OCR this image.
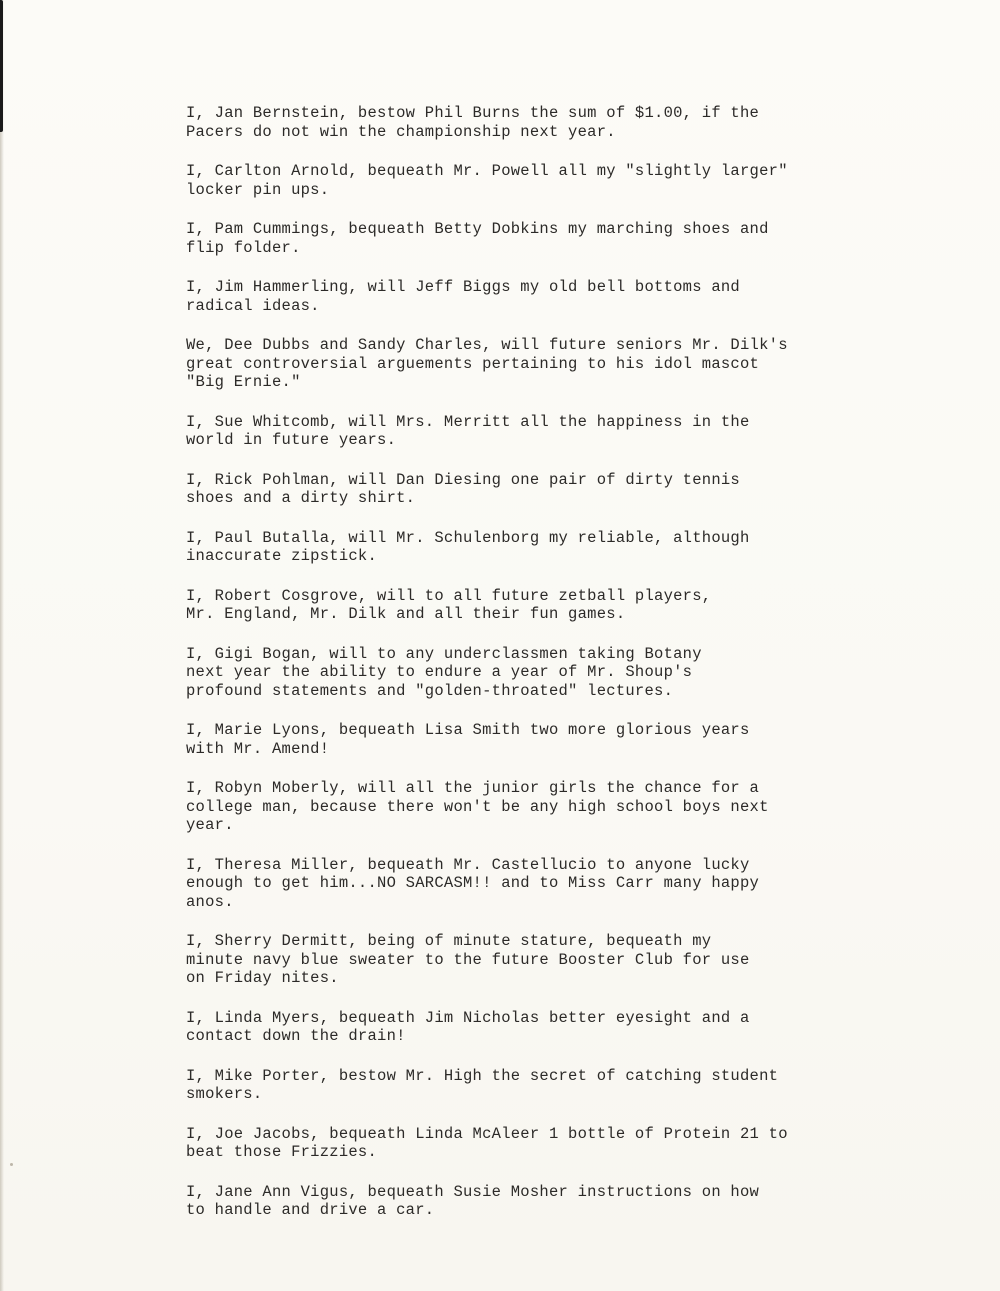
I, Jan Bernstein, bestow Phil Burns the sum of $1.00, if the
Pacers do not win the championship next year.
I, Carlton Arnold, bequeath Mr. Powell all my "slightly larger"
locker pin ups.
I, Pam Cummings, bequeath Betty Dobkins my marching shoes and
flip folder.
I, Jim Hammerling, will Jeff Biggs my old bell bottoms and
radical ideas.
We, Dee Dubbs and Sandy Charles, will future seniors Mr. Dilk's
great controversial arguements pertaining to his idol mascot
"Big Ernie."
I, Sue Whitcomb, will Mrs. Merritt all the happiness in the
world in future years.
I, Rick Pohlman, will Dan Diesing one pair of dirty tennis
shoes and a dirty shirt.
I, Paul Butalla, will Mr. Schulenborg my reliable, although
inaccurate zipstick.
I, Robert Cosgrove, will to all future zetball players,
Mr. England, Mr. Dilk and all their fun games.
I, Gigi Bogan, will to any underclassmen taking Botany
next year the ability to endure a year of Mr. Shoup's
profound statements and "golden-throated" lectures.
I, Marie Lyons, bequeath Lisa Smith two more glorious years
with Mr. Amend!
I, Robyn Moberly, will all the junior girls the chance for a
college man, because there won't be any high school boys next
year.
I, Theresa Miller, bequeath Mr. Castellucio to anyone lucky
enough to get him...NO SARCASM!! and to Miss Carr many happy
anos.
I, Sherry Dermitt, being of minute stature, bequeath my
minute navy blue sweater to the future Booster Club for use
on Friday nites.
I, Linda Myers, bequeath Jim Nicholas better eyesight and a
contact down the drain!
I, Mike Porter, bestow Mr. High the secret of catching student
smokers.
I, Joe Jacobs, bequeath Linda McAleer 1 bottle of Protein 21 to
beat those Frizzies.
I, Jane Ann Vigus, bequeath Susie Mosher instructions on how
to handle and drive a car.
